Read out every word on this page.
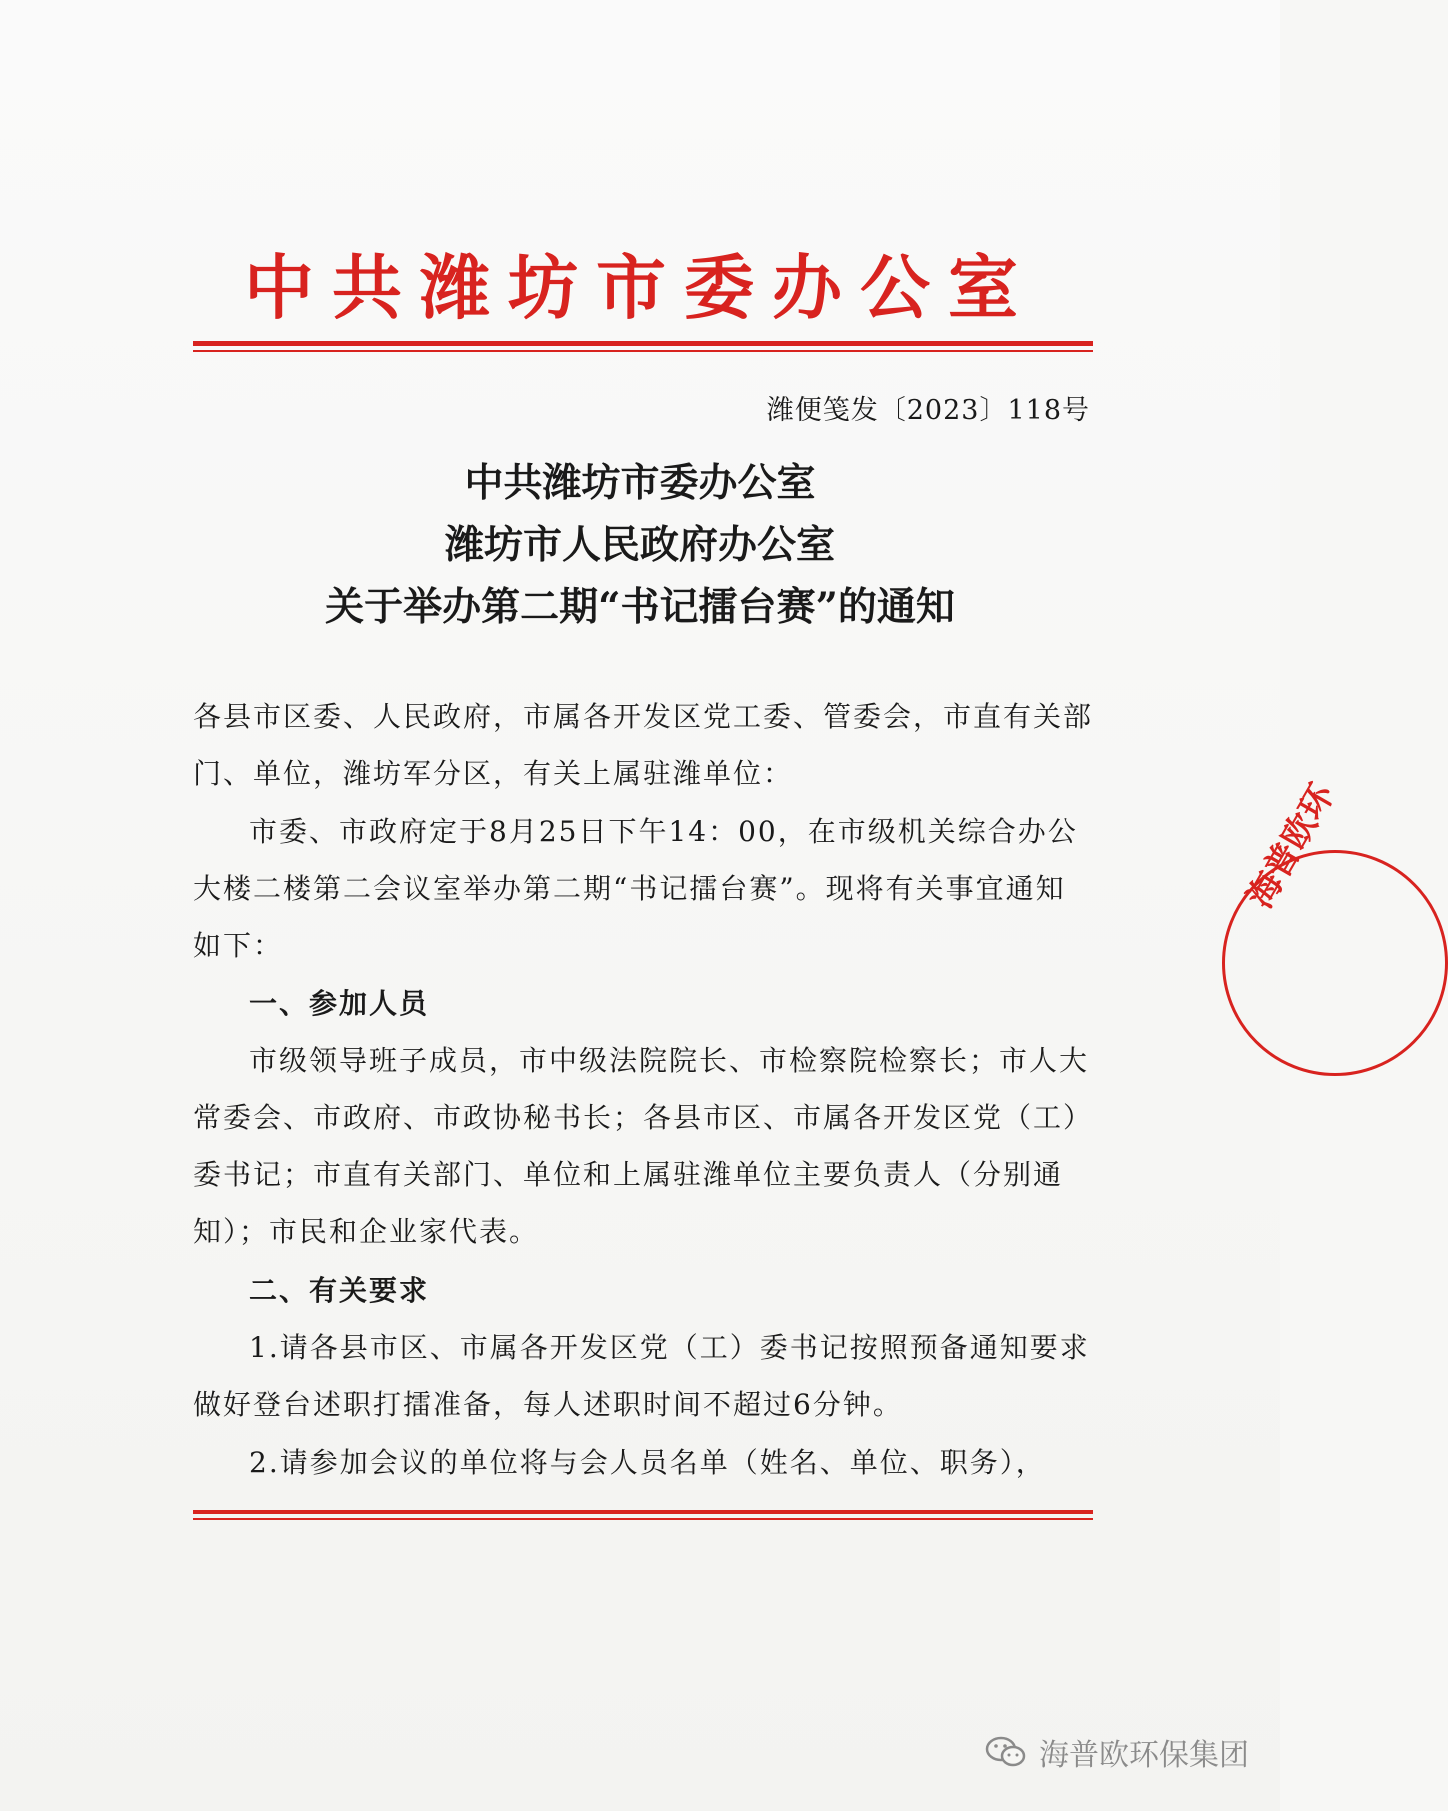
中共潍坊市委办公室
潍便笺发〔2023〕118号
中共潍坊市委办公室
潍坊市人民政府办公室
关于举办第二期“书记擂台赛”的通知
各县市区委、人民政府，市属各开发区党工委、管委会，市直有关部门、单位，潍坊军分区，有关上属驻潍单位：
市委、市政府定于8月25日下午14：00，在市级机关综合办公大楼二楼第二会议室举办第二期“书记擂台赛”。现将有关事宜通知如下：
一、参加人员
市级领导班子成员，市中级法院院长、市检察院检察长；市人大常委会、市政府、市政协秘书长；各县市区、市属各开发区党（工）委书记；市直有关部门、单位和上属驻潍单位主要负责人（分别通知）；市民和企业家代表。
二、有关要求
1.请各县市区、市属各开发区党（工）委书记按照预备通知要求做好登台述职打擂准备，每人述职时间不超过6分钟。
2.请参加会议的单位将与会人员名单（姓名、单位、职务），
海普欧环
海普欧环保集团
